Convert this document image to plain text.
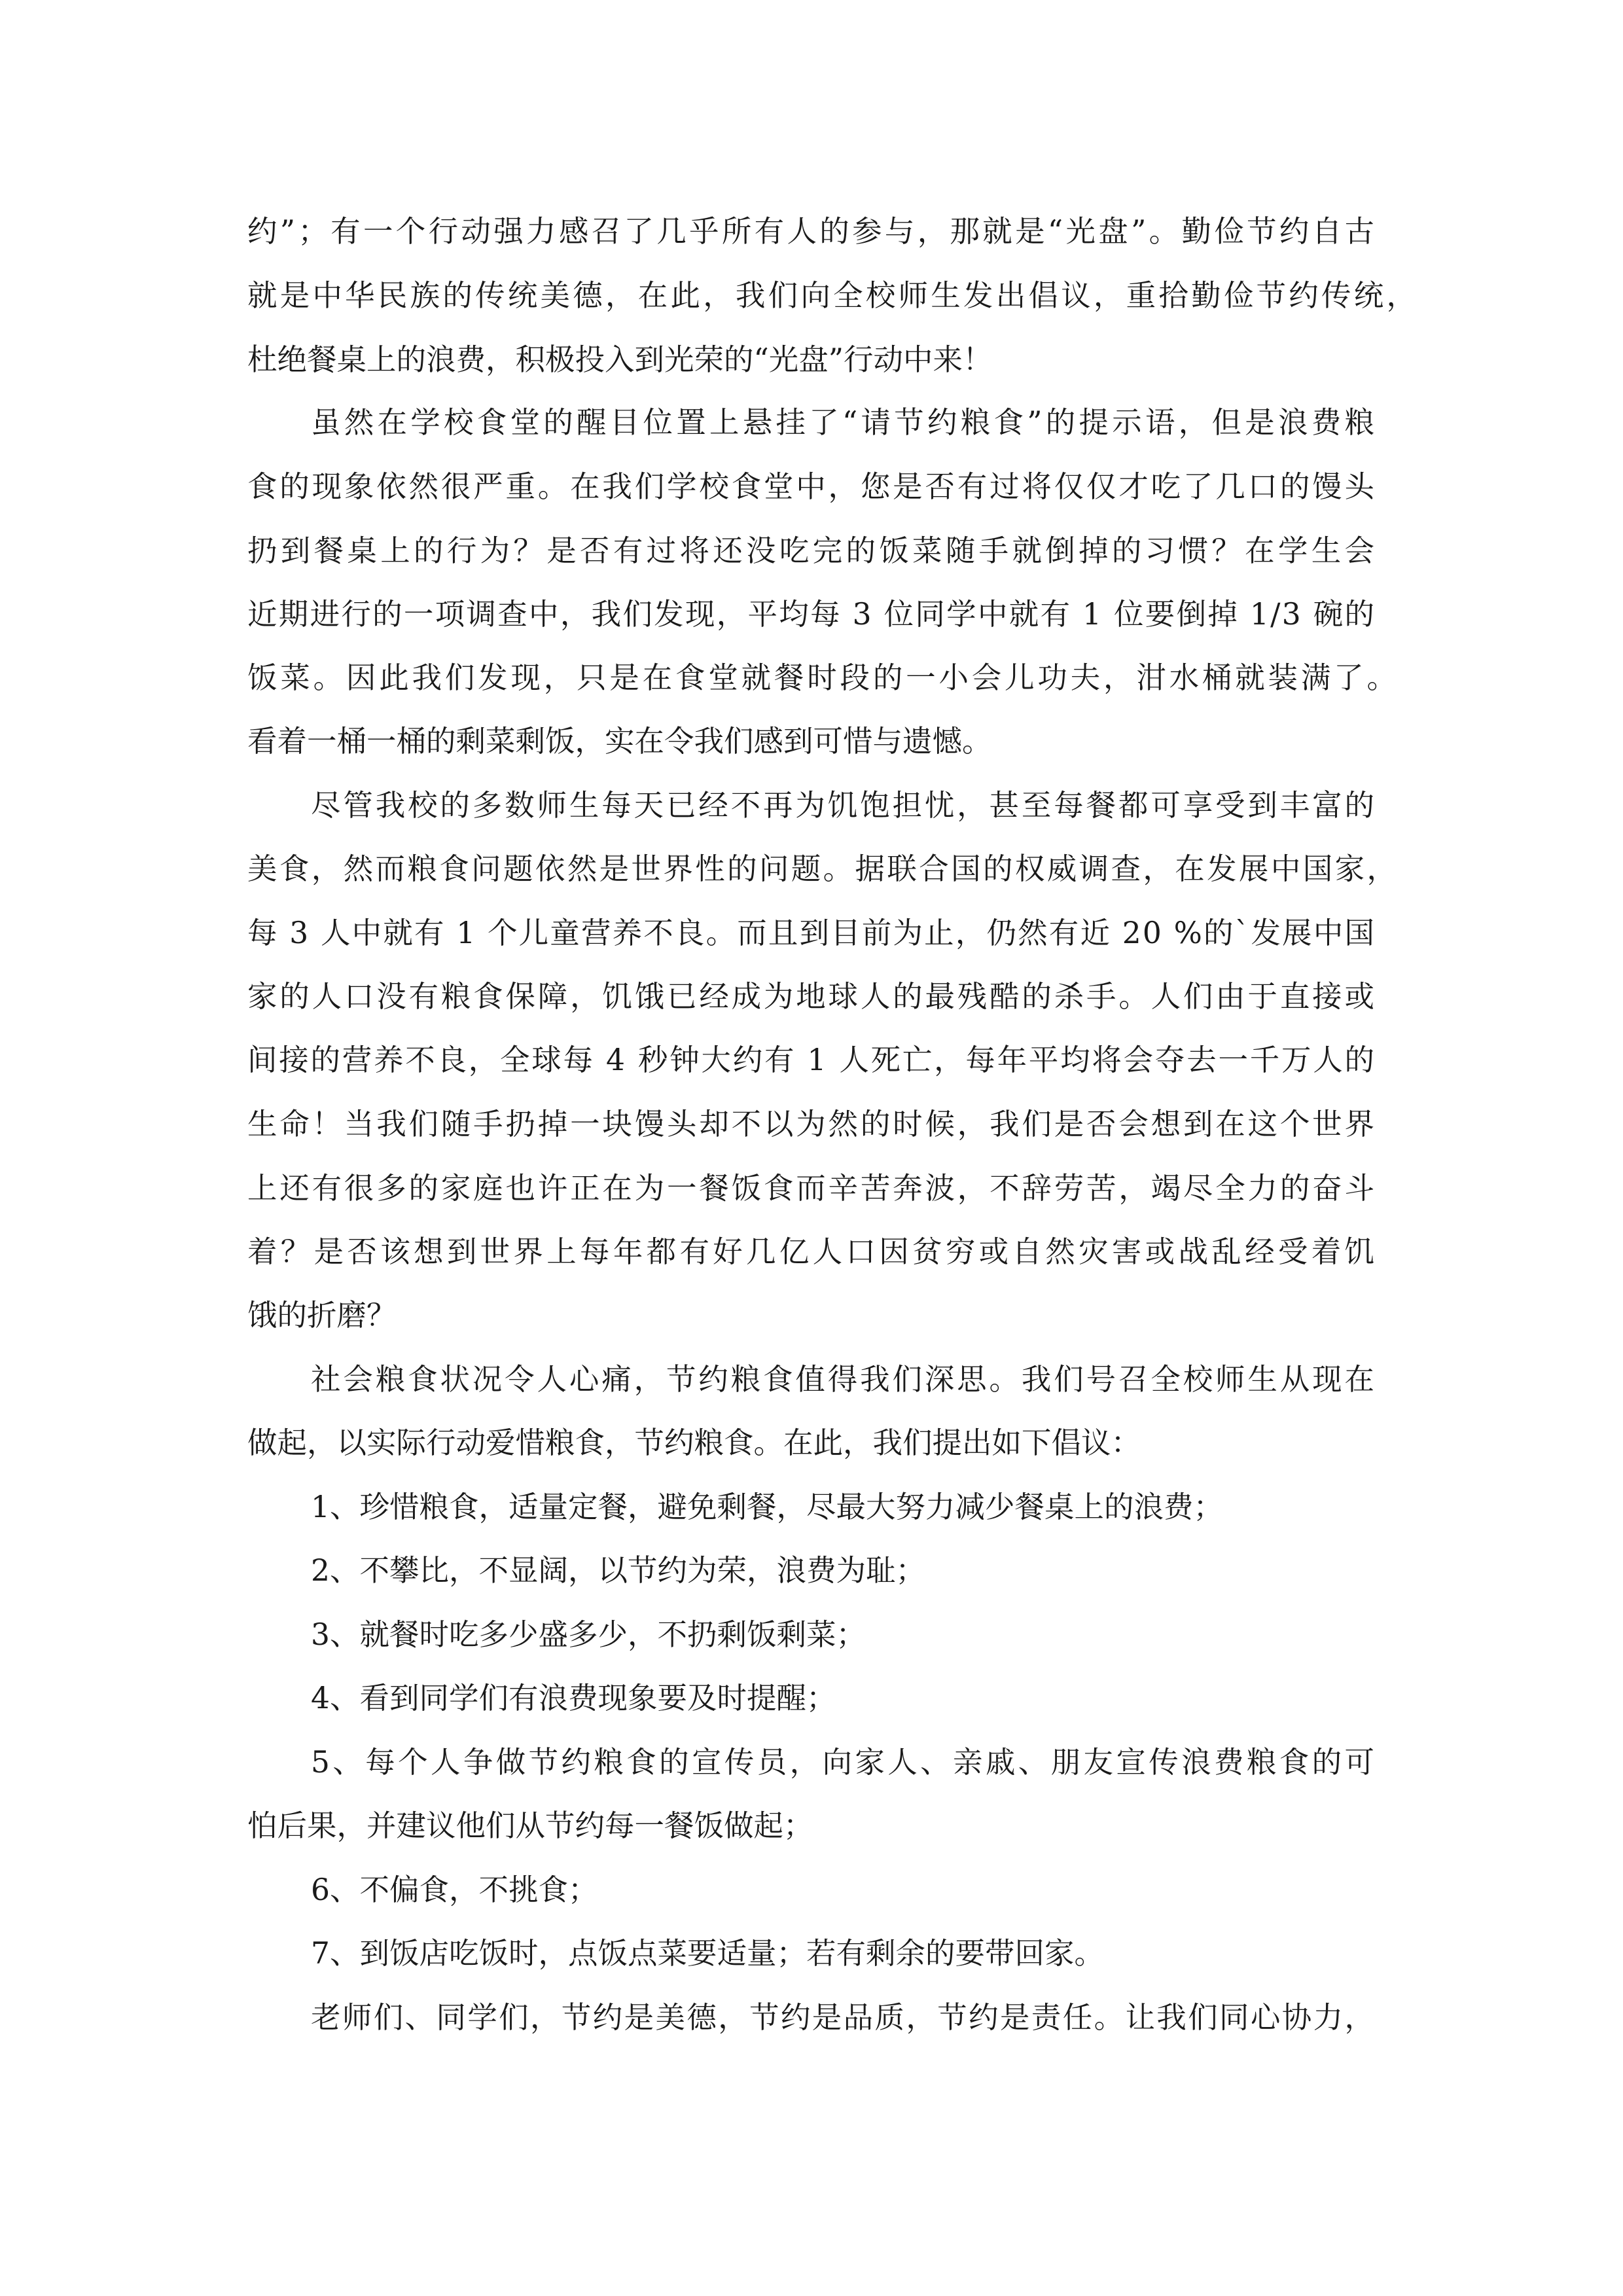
约”；有一个行动强力感召了几乎所有人的参与，那就是“光盘”。勤俭节约自古
就是中华民族的传统美德，在此，我们向全校师生发出倡议，重拾勤俭节约传统，
杜绝餐桌上的浪费，积极投入到光荣的“光盘”行动中来！
虽然在学校食堂的醒目位置上悬挂了“请节约粮食”的提示语，但是浪费粮
食的现象依然很严重。在我们学校食堂中，您是否有过将仅仅才吃了几口的馒头
扔到餐桌上的行为？是否有过将还没吃完的饭菜随手就倒掉的习惯？在学生会
近期进行的一项调查中，我们发现，平均每 3 位同学中就有 1 位要倒掉 1/3 碗的
饭菜。因此我们发现，只是在食堂就餐时段的一小会儿功夫，泔水桶就装满了。
看着一桶一桶的剩菜剩饭，实在令我们感到可惜与遗憾。
尽管我校的多数师生每天已经不再为饥饱担忧，甚至每餐都可享受到丰富的
美食，然而粮食问题依然是世界性的问题。据联合国的权威调查，在发展中国家，
每 3 人中就有 1 个儿童营养不良。而且到目前为止，仍然有近 20 %的`发展中国
家的人口没有粮食保障，饥饿已经成为地球人的最残酷的杀手。人们由于直接或
间接的营养不良，全球每 4 秒钟大约有 1 人死亡，每年平均将会夺去一千万人的
生命！当我们随手扔掉一块馒头却不以为然的时候，我们是否会想到在这个世界
上还有很多的家庭也许正在为一餐饭食而辛苦奔波，不辞劳苦，竭尽全力的奋斗
着？是否该想到世界上每年都有好几亿人口因贫穷或自然灾害或战乱经受着饥
饿的折磨？
社会粮食状况令人心痛，节约粮食值得我们深思。我们号召全校师生从现在
做起，以实际行动爱惜粮食，节约粮食。在此，我们提出如下倡议：
1、珍惜粮食，适量定餐，避免剩餐，尽最大努力减少餐桌上的浪费；
2、不攀比，不显阔，以节约为荣，浪费为耻；
3、就餐时吃多少盛多少，不扔剩饭剩菜；
4、看到同学们有浪费现象要及时提醒；
5、每个人争做节约粮食的宣传员，向家人、亲戚、朋友宣传浪费粮食的可
怕后果，并建议他们从节约每一餐饭做起；
6、不偏食，不挑食；
7、到饭店吃饭时，点饭点菜要适量；若有剩余的要带回家。
老师们、同学们，节约是美德，节约是品质，节约是责任。让我们同心协力，
